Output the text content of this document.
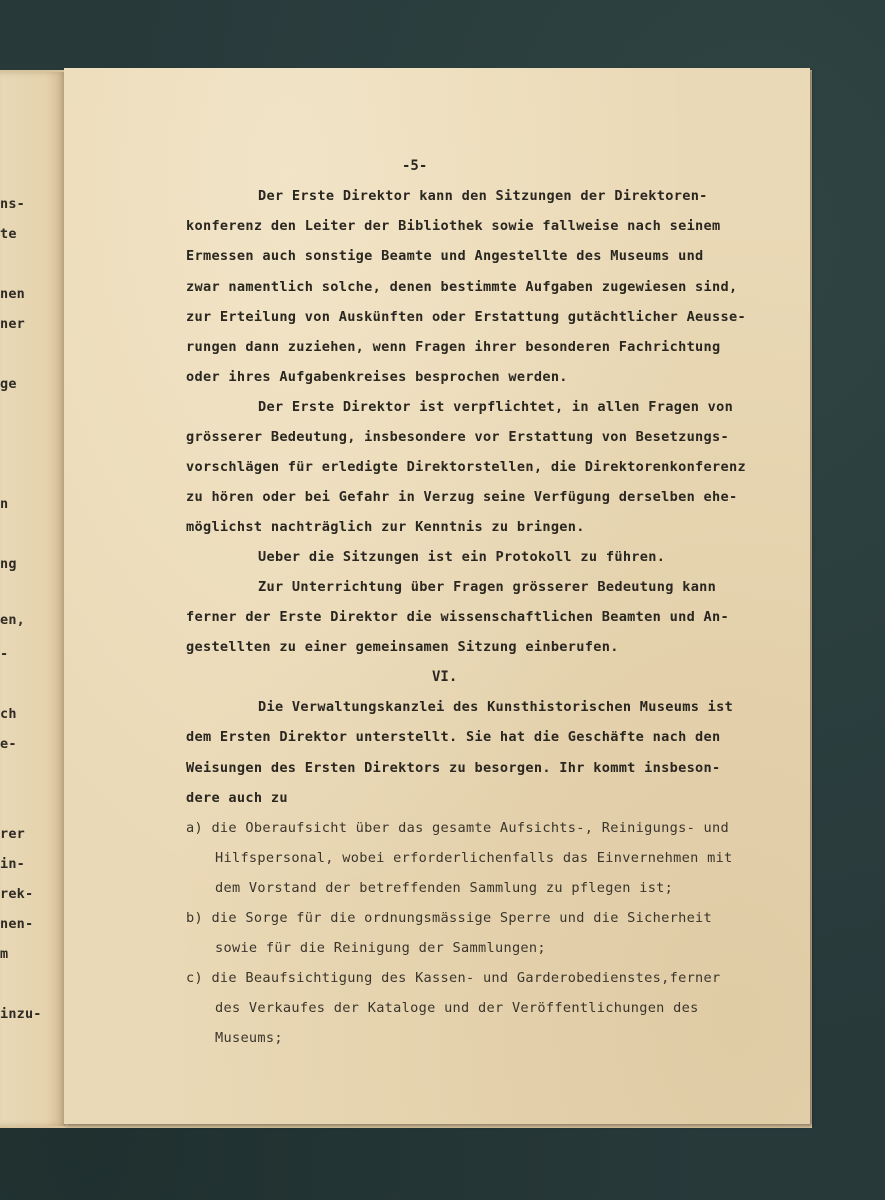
ns-
te
nen
ner
ge
n
ng
en,
-
ch
e-
rer
in-
rek-
nen-
m
inzu-
-5-
Der Erste Direktor kann den Sitzungen der Direktoren-
konferenz den Leiter der Bibliothek sowie fallweise nach seinem
Ermessen auch sonstige Beamte und Angestellte des Museums und
zwar namentlich solche, denen bestimmte Aufgaben zugewiesen sind,
zur Erteilung von Auskünften oder Erstattung gutächtlicher Aeusse-
rungen dann zuziehen, wenn Fragen ihrer besonderen Fachrichtung
oder ihres Aufgabenkreises besprochen werden.
Der Erste Direktor ist verpflichtet, in allen Fragen von
grösserer Bedeutung, insbesondere vor Erstattung von Besetzungs-
vorschlägen für erledigte Direktorstellen, die Direktorenkonferenz
zu hören oder bei Gefahr in Verzug seine Verfügung derselben ehe-
möglichst nachträglich zur Kenntnis zu bringen.
Ueber die Sitzungen ist ein Protokoll zu führen.
Zur Unterrichtung über Fragen grösserer Bedeutung kann
ferner der Erste Direktor die wissenschaftlichen Beamten und An-
gestellten zu einer gemeinsamen Sitzung einberufen.
VI.
Die Verwaltungskanzlei des Kunsthistorischen Museums ist
dem Ersten Direktor unterstellt. Sie hat die Geschäfte nach den
Weisungen des Ersten Direktors zu besorgen. Ihr kommt insbeson-
dere auch zu
a) die Oberaufsicht über das gesamte Aufsichts-, Reinigungs- und
Hilfspersonal, wobei erforderlichenfalls das Einvernehmen mit
dem Vorstand der betreffenden Sammlung zu pflegen ist;
b) die Sorge für die ordnungsmässige Sperre und die Sicherheit
sowie für die Reinigung der Sammlungen;
c) die Beaufsichtigung des Kassen- und Garderobedienstes,ferner
des Verkaufes der Kataloge und der Veröffentlichungen des
Museums;
